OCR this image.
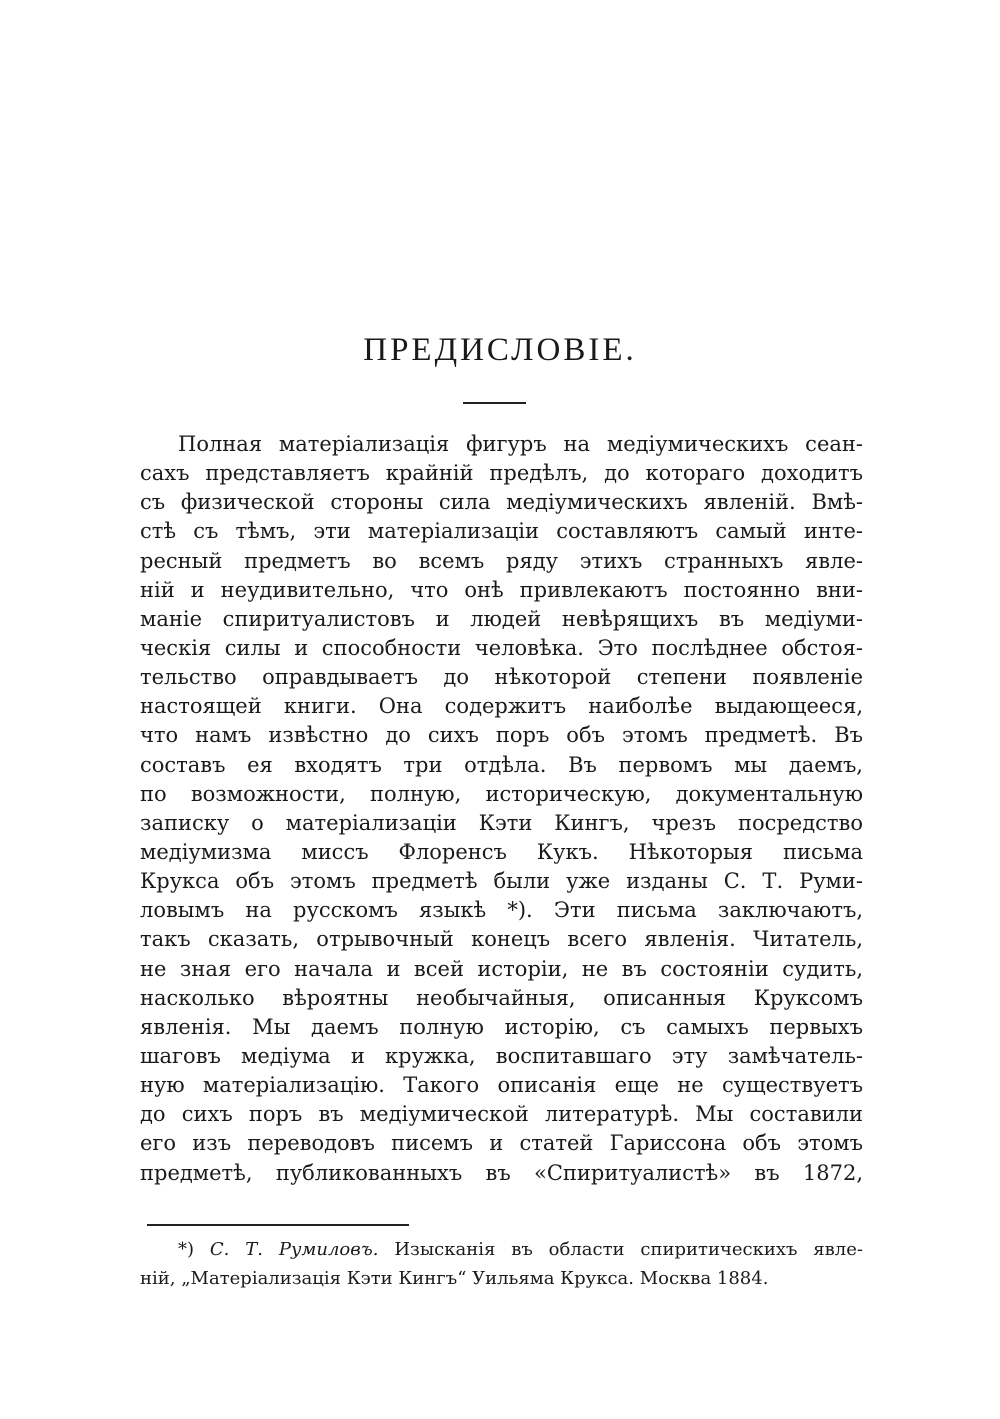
ПРЕДИСЛОВІЕ.
Полная матеріализація фигуръ на медіумическихъ сеан-
сахъ представляетъ крайній предѣлъ, до котораго доходитъ
съ физической стороны сила медіумическихъ явленій. Вмѣ-
стѣ съ тѣмъ, эти матеріализаціи составляютъ самый инте-
ресный предметъ во всемъ ряду этихъ странныхъ явле-
ній и неудивительно, что онѣ привлекаютъ постоянно вни-
маніе спиритуалистовъ и людей невѣрящихъ въ медіуми-
ческія силы и способности человѣка. Это послѣднее обстоя-
тельство оправдываетъ до нѣкоторой степени появленіе
настоящей книги. Она содержитъ наиболѣе выдающееся,
что намъ извѣстно до сихъ поръ объ этомъ предметѣ. Въ
составъ ея входятъ три отдѣла. Въ первомъ мы даемъ,
по возможности, полную, историческую, документальную
записку о матеріализаціи Кэти Кингъ, чрезъ посредство
медіумизма миссъ Флоренсъ Кукъ. Нѣкоторыя письма
Крукса объ этомъ предметѣ были уже изданы С. Т. Руми-
ловымъ на русскомъ языкѣ *). Эти письма заключаютъ,
такъ сказать, отрывочный конецъ всего явленія. Читатель,
не зная его начала и всей исторіи, не въ состояніи судить,
насколько вѣроятны необычайныя, описанныя Круксомъ
явленія. Мы даемъ полную исторію, съ самыхъ первыхъ
шаговъ медіума и кружка, воспитавшаго эту замѣчатель-
ную матеріализацію. Такого описанія еще не существуетъ
до сихъ поръ въ медіумической литературѣ. Мы составили
его изъ переводовъ писемъ и статей Гариссона объ этомъ
предметѣ, публикованныхъ въ «Спиритуалистѣ» въ 1872,
*) С. Т. Румиловъ. Изысканія въ области спиритическихъ явле-
ній, „Матеріализація Кэти Кингъ“ Уильяма Крукса. Москва 1884.
